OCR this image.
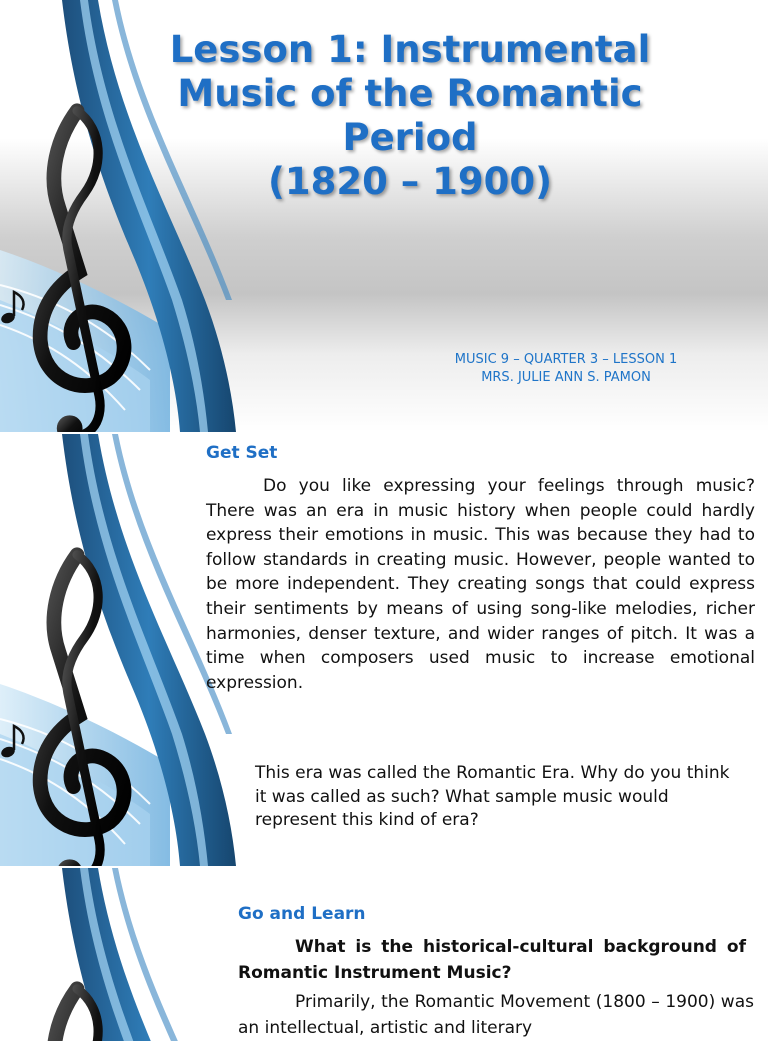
Lesson 1: Instrumental
Music of the Romantic
Period
(1820 – 1900)
MUSIC 9 – QUARTER 3 – LESSON 1
MRS. JULIE ANN S. PAMON
Get Set

Do you like expressing your feelings through music? There was an era in music history when people could hardly express their emotions in music. This was because they had to follow standards in creating music. However, people wanted to be more independent. They creating songs that could express their sentiments by means of using song-like melodies, richer harmonies, denser texture, and wider ranges of pitch. It was a time when composers used music to increase emotional expression.

This era was called the Romantic Era. Why do you think it was called as such? What sample music would represent this kind of era?

Go and Learn

What is the historical-cultural background of Romantic Instrument Music?

Primarily, the Romantic Movement (1800 – 1900) was an intellectual, artistic and literary
